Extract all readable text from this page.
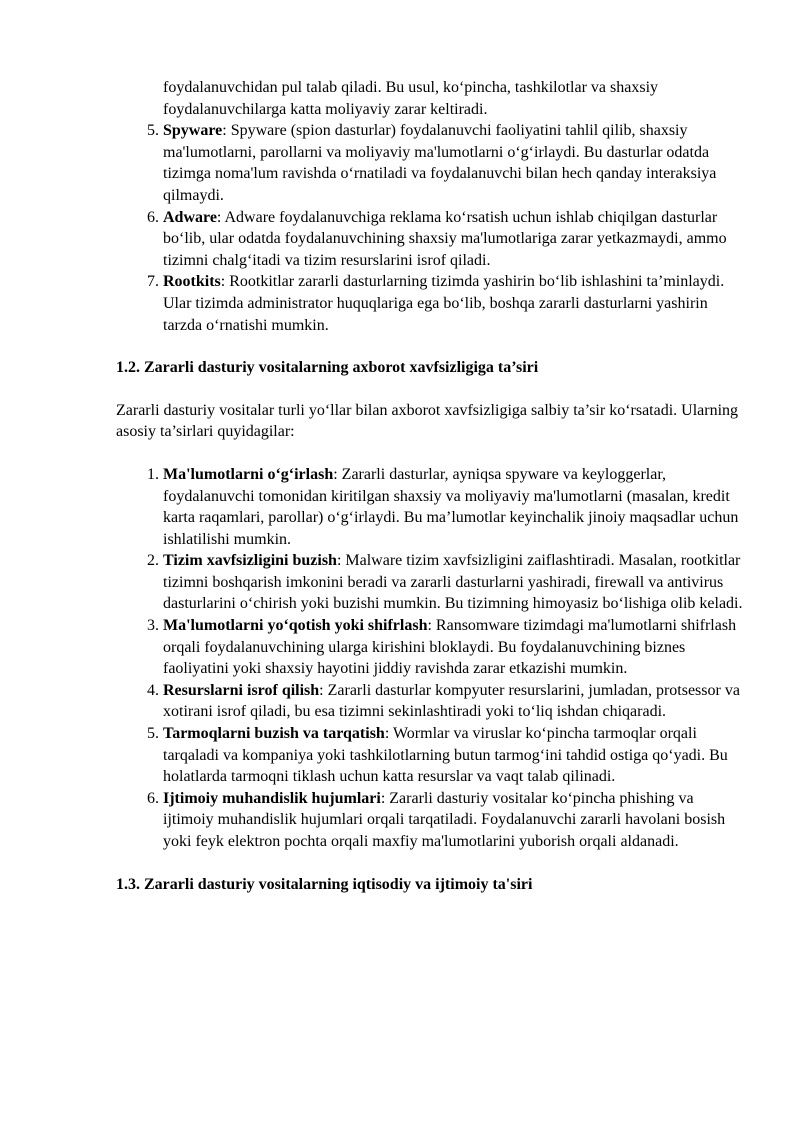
foydalanuvchidan pul talab qiladi. Bu usul, ko‘pincha, tashkilotlar va shaxsiy foydalanuvchilarga katta moliyaviy zarar keltiradi.

5. Spyware: Spyware (spion dasturlar) foydalanuvchi faoliyatini tahlil qilib, shaxsiy ma'lumotlarni, parollarni va moliyaviy ma'lumotlarni o‘g‘irlaydi. Bu dasturlar odatda tizimga noma'lum ravishda o‘rnatiladi va foydalanuvchi bilan hech qanday interaksiya qilmaydi.
6. Adware: Adware foydalanuvchiga reklama ko‘rsatish uchun ishlab chiqilgan dasturlar bo‘lib, ular odatda foydalanuvchining shaxsiy ma'lumotlariga zarar yetkazmaydi, ammo tizimni chalg‘itadi va tizim resurslarini isrof qiladi.
7. Rootkits: Rootkitlar zararli dasturlarning tizimda yashirin bo‘lib ishlashini ta’minlaydi. Ular tizimda administrator huquqlariga ega bo‘lib, boshqa zararli dasturlarni yashirin tarzda o‘rnatishi mumkin.
1.2. Zararli dasturiy vositalarning axborot xavfsizligiga ta’siri

Zararli dasturiy vositalar turli yo‘llar bilan axborot xavfsizligiga salbiy ta’sir ko‘rsatadi. Ularning asosiy ta’sirlari quyidagilar:

1. Ma'lumotlarni o‘g‘irlash: Zararli dasturlar, ayniqsa spyware va keyloggerlar, foydalanuvchi tomonidan kiritilgan shaxsiy va moliyaviy ma'lumotlarni (masalan, kredit karta raqamlari, parollar) o‘g‘irlaydi. Bu ma’lumotlar keyinchalik jinoiy maqsadlar uchun ishlatilishi mumkin.
2. Tizim xavfsizligini buzish: Malware tizim xavfsizligini zaiflashtiradi. Masalan, rootkitlar tizimni boshqarish imkonini beradi va zararli dasturlarni yashiradi, firewall va antivirus dasturlarini o‘chirish yoki buzishi mumkin. Bu tizimning himoyasiz bo‘lishiga olib keladi.
3. Ma'lumotlarni yo‘qotish yoki shifrlash: Ransomware tizimdagi ma'lumotlarni shifrlash orqali foydalanuvchining ularga kirishini bloklaydi. Bu foydalanuvchining biznes faoliyatini yoki shaxsiy hayotini jiddiy ravishda zarar etkazishi mumkin.
4. Resurslarni isrof qilish: Zararli dasturlar kompyuter resurslarini, jumladan, protsessor va xotirani isrof qiladi, bu esa tizimni sekinlashtiradi yoki to‘liq ishdan chiqaradi.
5. Tarmoqlarni buzish va tarqatish: Wormlar va viruslar ko‘pincha tarmoqlar orqali tarqaladi va kompaniya yoki tashkilotlarning butun tarmog‘ini tahdid ostiga qo‘yadi. Bu holatlarda tarmoqni tiklash uchun katta resurslar va vaqt talab qilinadi.
6. Ijtimoiy muhandislik hujumlari: Zararli dasturiy vositalar ko‘pincha phishing va ijtimoiy muhandislik hujumlari orqali tarqatiladi. Foydalanuvchi zararli havolani bosish yoki feyk elektron pochta orqali maxfiy ma'lumotlarini yuborish orqali aldanadi.
1.3. Zararli dasturiy vositalarning iqtisodiy va ijtimoiy ta'siri
